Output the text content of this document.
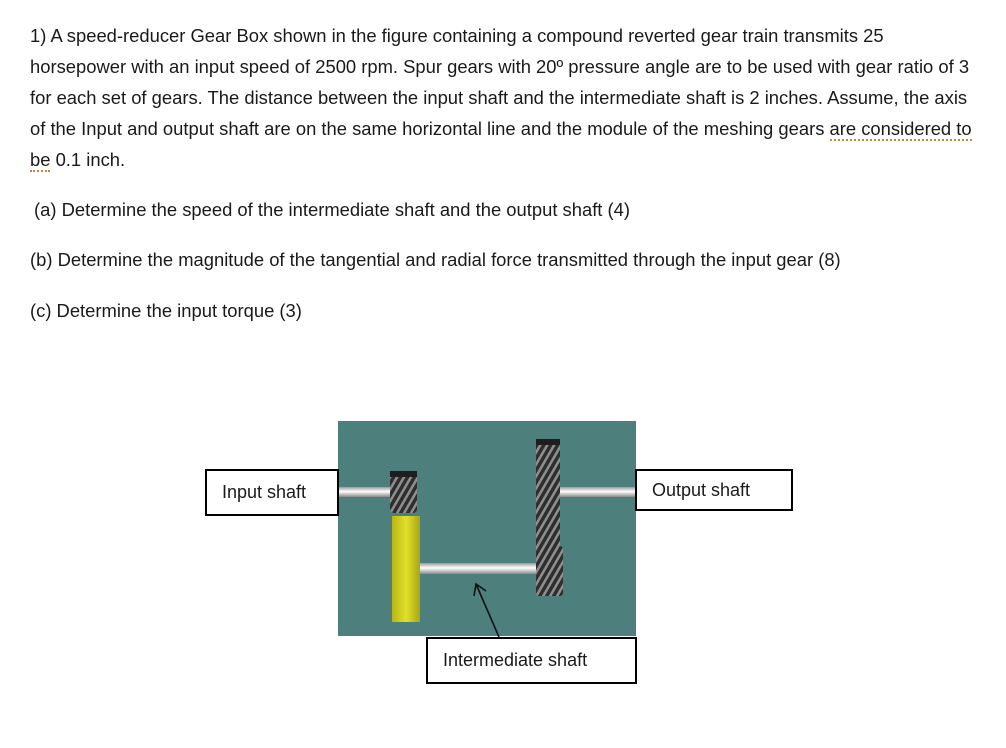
1) A speed-reducer Gear Box shown in the figure containing a compound reverted gear train transmits 25 horsepower with an input speed of 2500 rpm. Spur gears with 20º pressure angle are to be used with gear ratio of 3 for each set of gears. The distance between the input shaft and the intermediate shaft is 2 inches. Assume, the axis of the Input and output shaft are on the same horizontal line and the module of the meshing gears are considered to be 0.1 inch.

(a) Determine the speed of the intermediate shaft and the output shaft (4)
(b) Determine the magnitude of the tangential and radial force transmitted through the input gear (8)
(c) Determine the input torque (3)
Input shaft	Output shaft
Intermediate shaft
